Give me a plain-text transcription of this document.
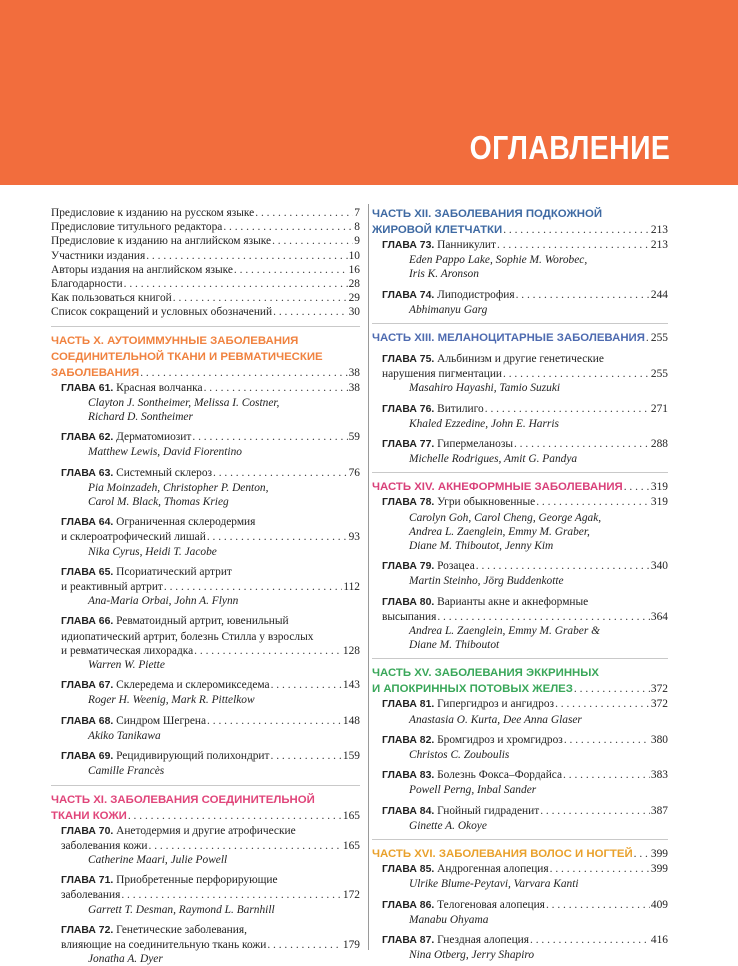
ОГЛАВЛЕНИЕ
Предисловие к изданию на русском языке . . .	7
Предисловие титульного редактора . . .	8
Предисловие к изданию на английском языке . . .	9
Участники издания . . .	10
Авторы издания на английском языке . . .	16
Благодарности . . .	28
Как пользоваться книгой . . .	29
Список сокращений и условных обозначений . . .	30
ЧАСТЬ X. АУТОИММУННЫЕ ЗАБОЛЕВАНИЯ
СОЕДИНИТЕЛЬНОЙ ТКАНИ И РЕВМАТИЧЕСКИЕ
ЗАБОЛЕВАНИЯ . . .	38
ГЛАВА 61. Красная волчанка . . .	38
Clayton J. Sontheimer, Melissa I. Costner,
Richard D. Sontheimer
ГЛАВА 62. Дерматомиозит . . .	59
Matthew Lewis, David Fiorentino
ГЛАВА 63. Системный склероз . . .	76
Pia Moinzadeh, Christopher P. Denton,
Carol M. Black, Thomas Krieg
ГЛАВА 64. Ограниченная склеродермия
и склероатрофический лишай . . .	93
Nika Cyrus, Heidi T. Jacobe
ГЛАВА 65. Псориатический артрит
и реактивный артрит . . .	112
Ana-Maria Orbai, John A. Flynn
ГЛАВА 66. Ревматоидный артрит, ювенильный
идиопатический артрит, болезнь Стилла у взрослых
и ревматическая лихорадка . . .	128
Warren W. Piette
ГЛАВА 67. Склередема и склеромикседема . . .	143
Roger H. Weenig, Mark R. Pittelkow
ГЛАВА 68. Синдром Шегрена . . .	148
Akiko Tanikawa
ГЛАВА 69. Рецидивирующий полихондрит . . .	159
Camille Francès
ЧАСТЬ XI. ЗАБОЛЕВАНИЯ СОЕДИНИТЕЛЬНОЙ
ТКАНИ КОЖИ . . .	165
ГЛАВА 70. Анетодермия и другие атрофические
заболевания кожи . . .	165
Catherine Maari, Julie Powell
ГЛАВА 71. Приобретенные перфорирующие
заболевания . . .	172
Garrett T. Desman, Raymond L. Barnhill
ГЛАВА 72. Генетические заболевания,
влияющие на соединительную ткань кожи . . .	179
Jonatha A. Dyer
ЧАСТЬ XII. ЗАБОЛЕВАНИЯ ПОДКОЖНОЙ
ЖИРОВОЙ КЛЕТЧАТКИ . . .	213
ГЛАВА 73. Панникулит . . .	213
Eden Pappo Lake, Sophie M. Worobec,
Iris K. Aronson
ГЛАВА 74. Липодистрофия . . .	244
Abhimanyu Garg
ЧАСТЬ XIII. МЕЛАНОЦИТАРНЫЕ ЗАБОЛЕВАНИЯ . . . 255
ГЛАВА 75. Альбинизм и другие генетические
нарушения пигментации . . .	255
Masahiro Hayashi, Tamio Suzuki
ГЛАВА 76. Витилиго . . .	271
Khaled Ezzedine, John E. Harris
ГЛАВА 77. Гипермеланозы . . .	288
Michelle Rodrigues, Amit G. Pandya
ЧАСТЬ XIV. АКНЕФОРМНЫЕ ЗАБОЛЕВАНИЯ . . . 319
ГЛАВА 78. Угри обыкновенные . . .	319
Carolyn Goh, Carol Cheng, George Agak,
Andrea L. Zaenglein, Emmy M. Graber,
Diane M. Thiboutot, Jenny Kim
ГЛАВА 79. Розацеа . . .	340
Martin Steinho, Jörg Buddenkotte
ГЛАВА 80. Варианты акне и акнеформные
высыпания . . .	364
Andrea L. Zaenglein, Emmy M. Graber &
Diane M. Thiboutot
ЧАСТЬ XV. ЗАБОЛЕВАНИЯ ЭККРИННЫХ
И АПОКРИННЫХ ПОТОВЫХ ЖЕЛЕЗ . . .	372
ГЛАВА 81. Гипергидроз и ангидроз . . .	372
Anastasia O. Kurta, Dee Anna Glaser
ГЛАВА 82. Бромгидроз и хромгидроз . . .	380
Christos C. Zouboulis
ГЛАВА 83. Болезнь Фокса–Фордайса . . .	383
Powell Perng, Inbal Sander
ГЛАВА 84. Гнойный гидраденит . . .	387
Ginette A. Okoye
ЧАСТЬ XVI. ЗАБОЛЕВАНИЯ ВОЛОС И НОГТЕЙ . . . 399
ГЛАВА 85. Андрогенная алопеция . . .	399
Ulrike Blume-Peytavi, Varvara Kanti
ГЛАВА 86. Телогеновая алопеция . . .	409
Manabu Ohyama
ГЛАВА 87. Гнездная алопеция . . .	416
Nina Otberg, Jerry Shapiro
